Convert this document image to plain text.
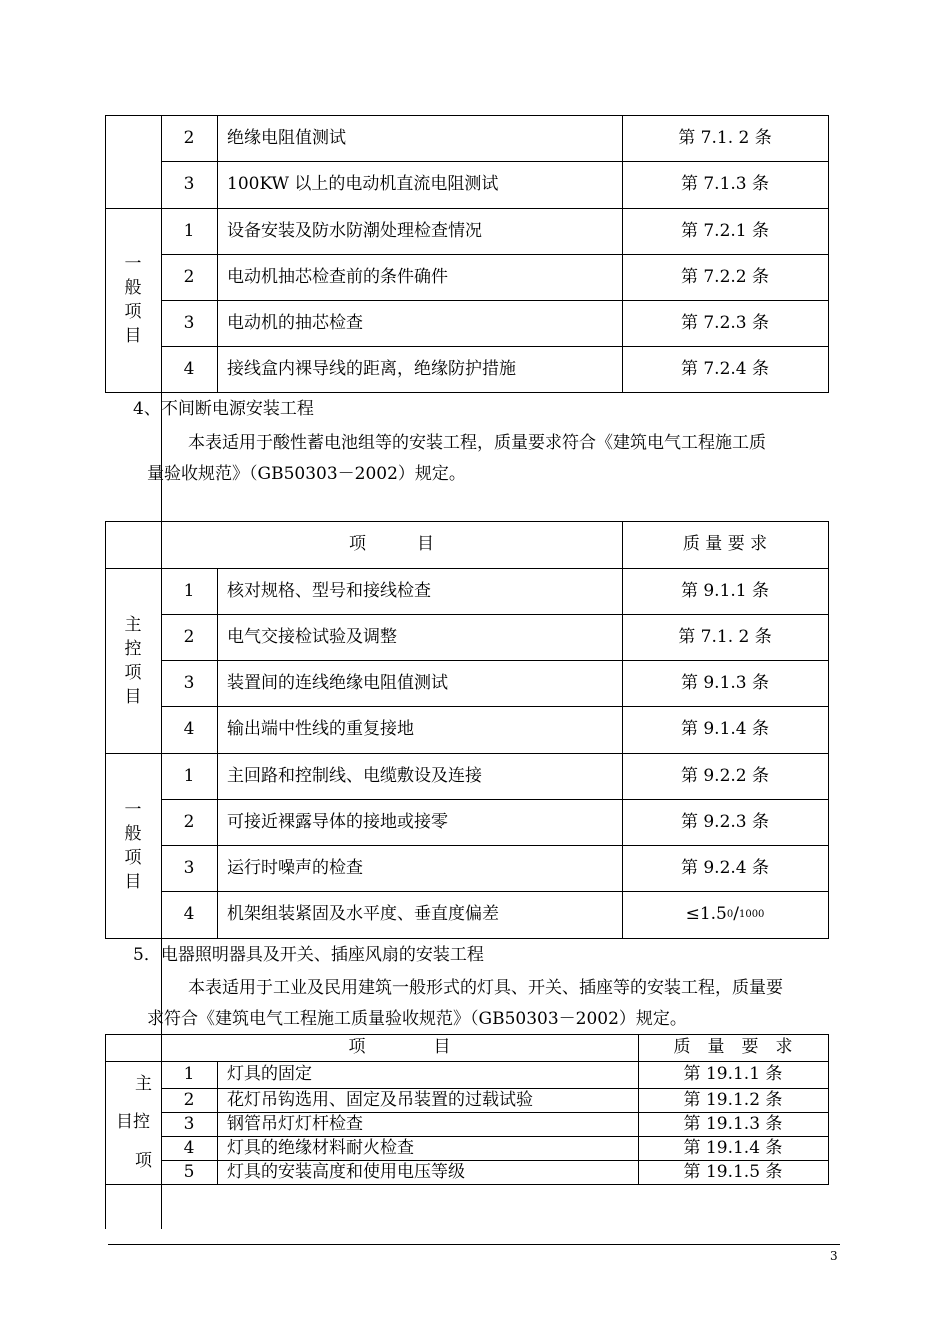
2	绝缘电阻值测试	第 7.1. 2 条
3	100KW 以上的电动机直流电阻测试	第 7.1.3 条
一
般
项
目
1	设备安装及防水防潮处理检查情况	第 7.2.1 条
2	电动机抽芯检查前的条件确件	第 7.2.2 条
3	电动机的抽芯检查	第 7.2.3 条
4	接线盒内裸导线的距离，绝缘防护措施	第 7.2.4 条
4、不间断电源安装工程
本表适用于酸性蓄电池组等的安装工程，质量要求符合《建筑电气工程施工质
量验收规范》（GB50303－2002）规定。
项　　　目	质 量 要 求
主
控
项
目
1	核对规格、型号和接线检查	第 9.1.1 条
2	电气交接检试验及调整	第 7.1. 2 条
3	装置间的连线绝缘电阻值测试	第 9.1.3 条
4	输出端中性线的重复接地	第 9.1.4 条
一
般
项
目
1	主回路和控制线、电缆敷设及连接	第 9.2.2 条
2	可接近裸露导体的接地或接零	第 9.2.3 条
3	运行时噪声的检查	第 9.2.4 条
4	机架组装紧固及水平度、垂直度偏差	≤1.5 0 / 1000
5．电器照明器具及开关、插座风扇的安装工程
本表适用于工业及民用建筑一般形式的灯具、开关、插座等的安装工程，质量要
求符合《建筑电气工程施工质量验收规范》（GB50303－2002）规定。
项　　　　目	质　量　要　求
主
目控
项
1	灯具的固定	第 19.1.1 条
2	花灯吊钩选用、固定及吊装置的过载试验	第 19.1.2 条
3	钢管吊灯灯杆检查	第 19.1.3 条
4	灯具的绝缘材料耐火检查	第 19.1.4 条
5	灯具的安装高度和使用电压等级	第 19.1.5 条
3
